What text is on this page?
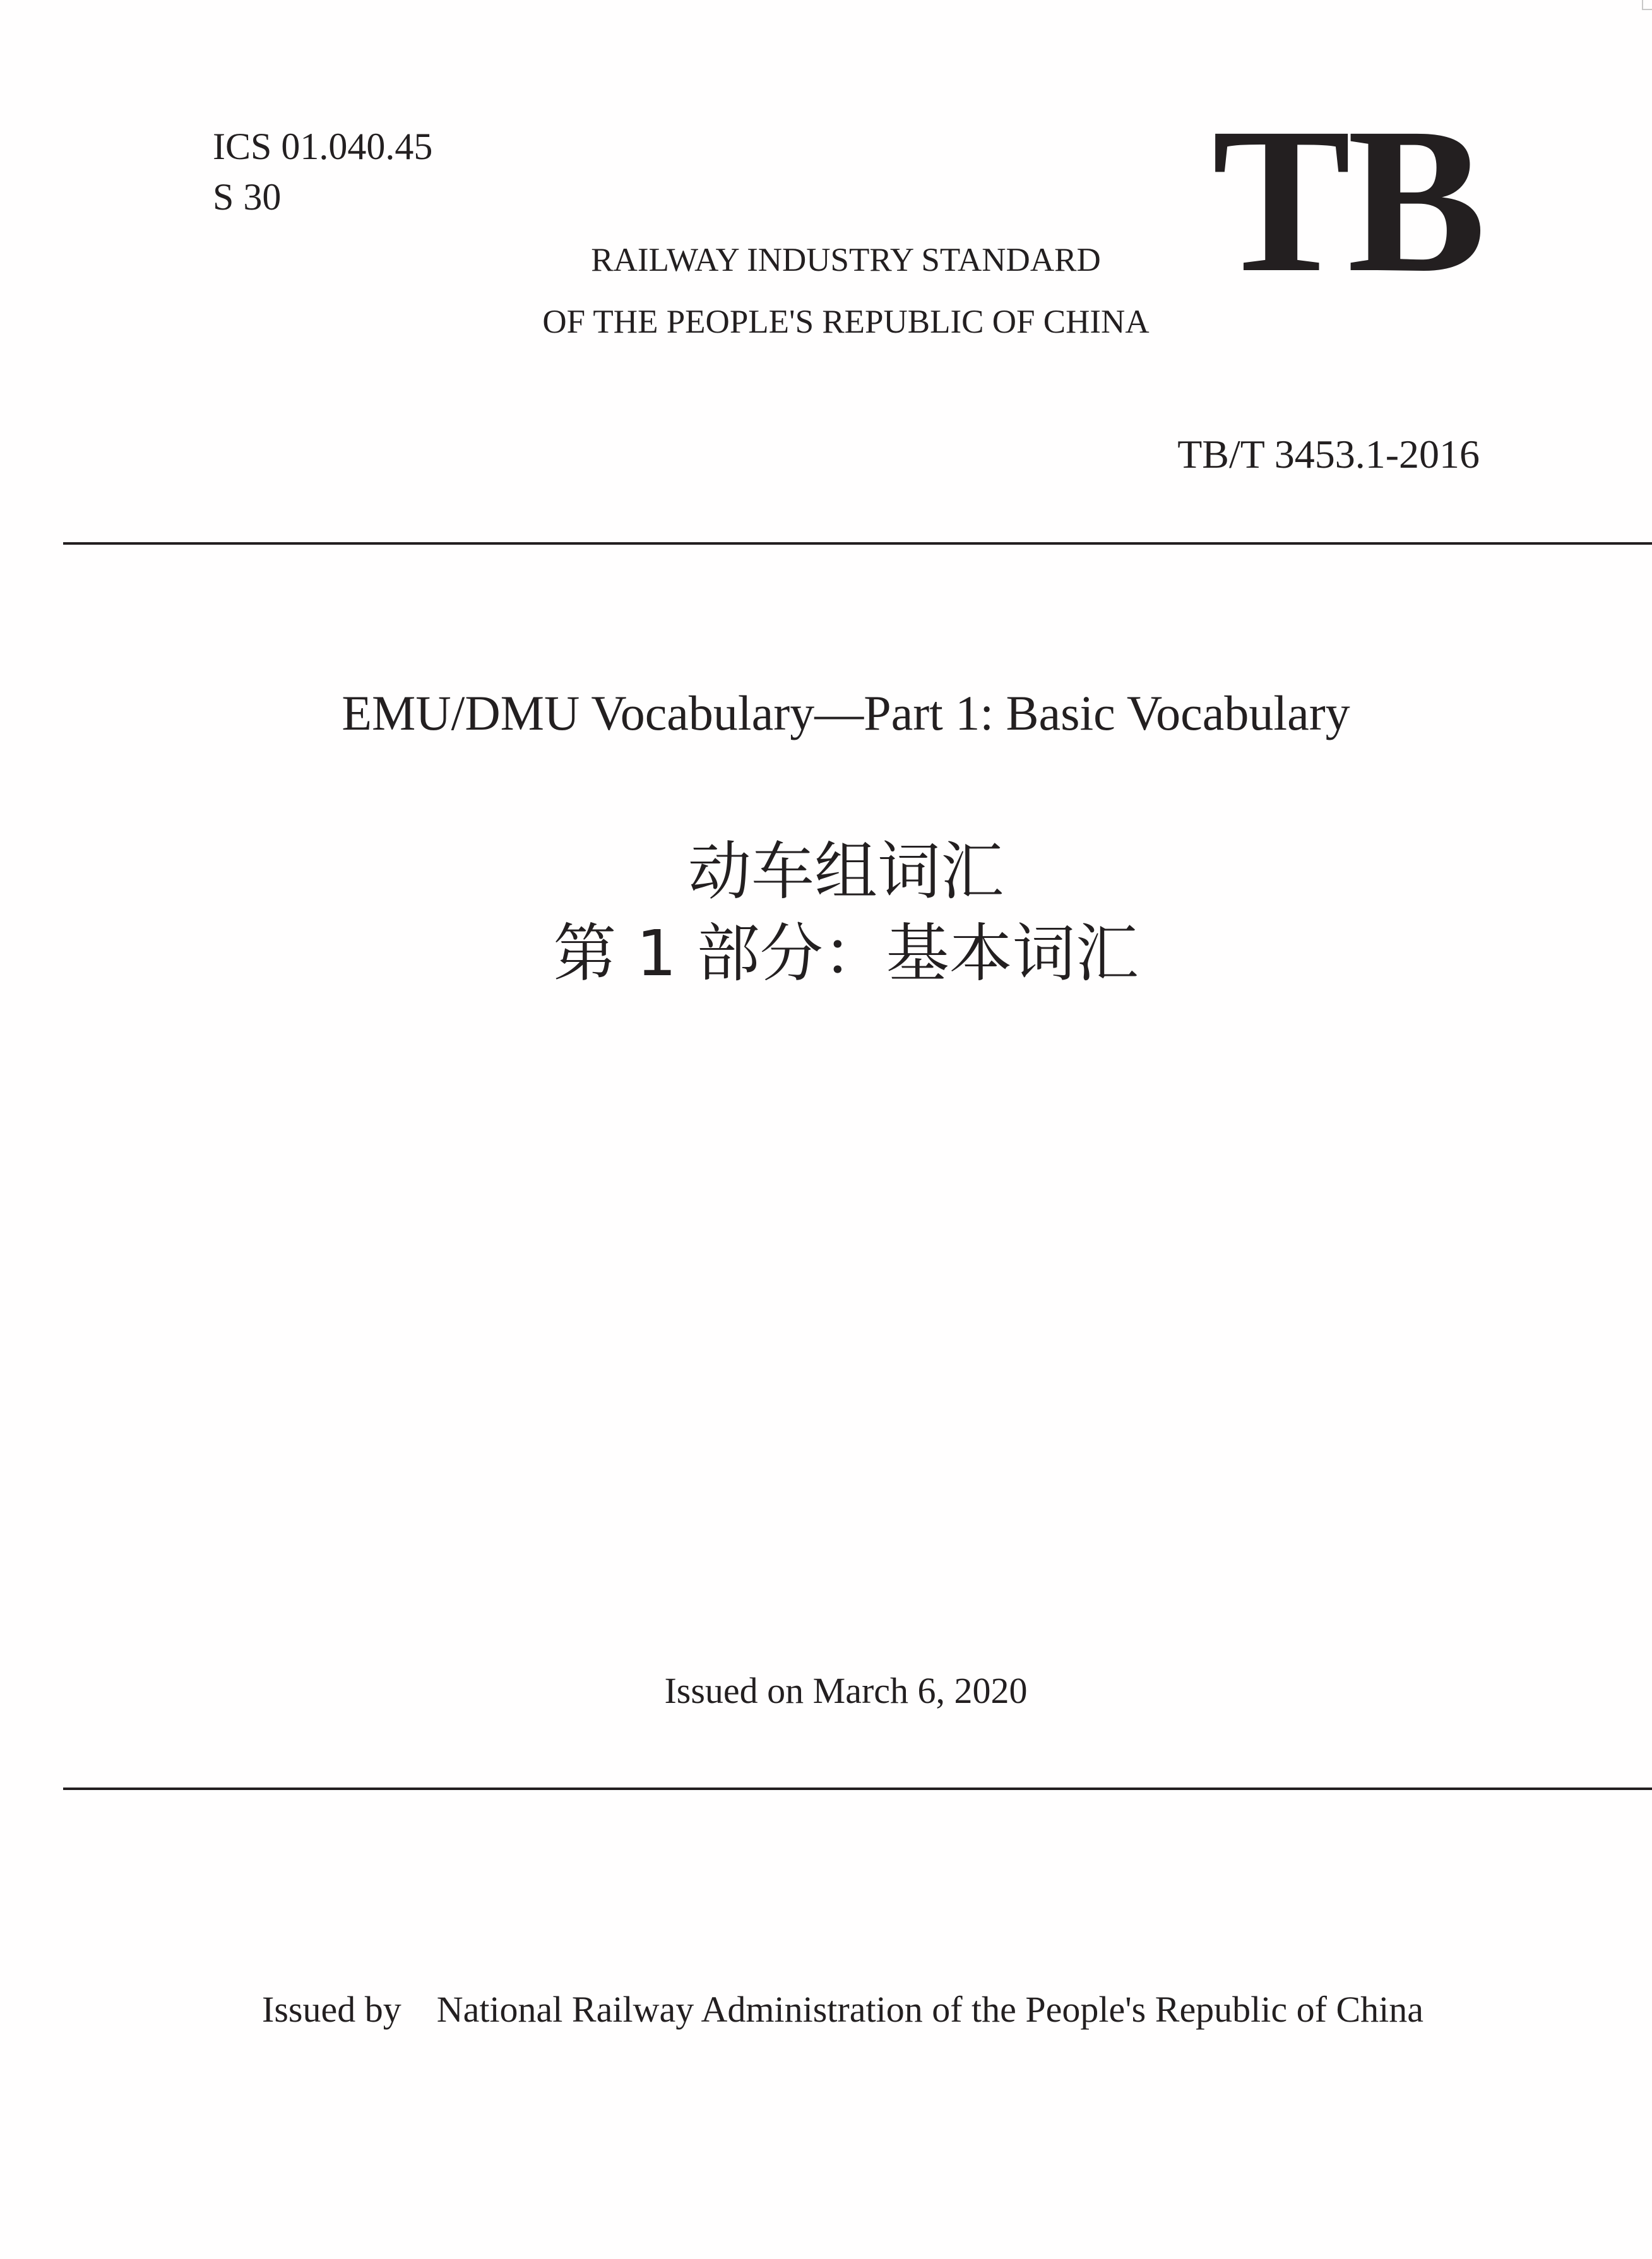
ICS 01.040.45
S 30	TB
RAILWAY INDUSTRY STANDARD
OF THE PEOPLE'S REPUBLIC OF CHINA
TB/T 3453.1-2016
EMU/DMU Vocabulary—Part 1: Basic Vocabulary
动车组词汇
第 1 部分：基本词汇
Issued on March 6, 2020
Issued by National Railway Administration of the People's Republic of China
